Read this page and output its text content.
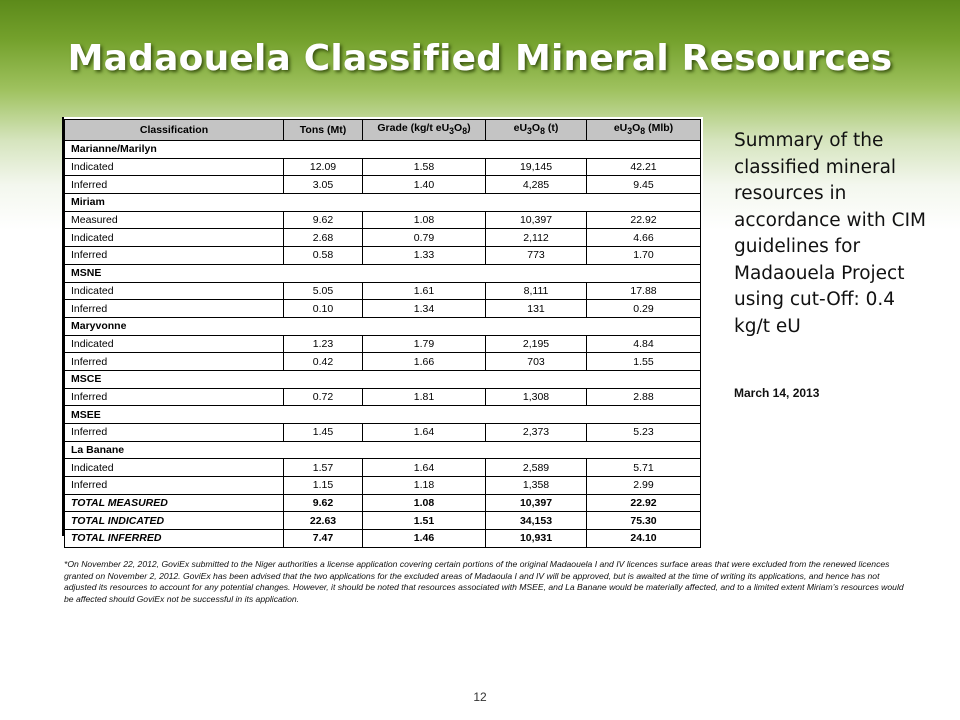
Madaouela Classified Mineral Resources
Classification	Tons (Mt)	Grade (kg/t $eU_3O_8$)	$eU_3O_8$ (t)	$eU_3O_8$ (Mlb)
Marianne/Marilyn				
Indicated	12.09	1.58	19,145	42.21
Inferred	3.05	1.40	4,285	9.45
Miriam				
Measured	9.62	1.08	10,397	22.92
Indicated	2.68	0.79	2,112	4.66
Inferred	0.58	1.33	773	1.70
MSNE				
Indicated	5.05	1.61	8,111	17.88
Inferred	0.10	1.34	131	0.29
Maryvonne				
Indicated	1.23	1.79	2,195	4.84
Inferred	0.42	1.66	703	1.55
MSCE				
Inferred	0.72	1.81	1,308	2.88
MSEE				
Inferred	1.45	1.64	2,373	5.23
La Banane				
Indicated	1.57	1.64	2,589	5.71
Inferred	1.15	1.18	1,358	2.99
TOTAL MEASURED	9.62	1.08	10,397	22.92
TOTAL INDICATED	22.63	1.51	34,153	75.30
TOTAL INFERRED	7.47	1.46	10,931	24.10
Summary of the classified mineral resources in accordance with CIM guidelines for Madaouela Project using cut-Off: 0.4 kg/t eU
March 14, 2013
*On November 22, 2012, GoviEx submitted to the Niger authorities a license application covering certain portions of the original Madaouela I and IV licences surface areas that were excluded from the renewed licences granted on November 2, 2012. GoviEx has been advised that the two applications for the excluded areas of Madaoula I and IV will be approved, but is awaited at the time of writing its applications, and hence has not adjusted its resources to account for any potential changes. However, it should be noted that resources associated with MSEE, and La Banane would be materially affected, and to a limited extent Miriam’s resources would be affected should GoviEx not be successful in its application.
12
